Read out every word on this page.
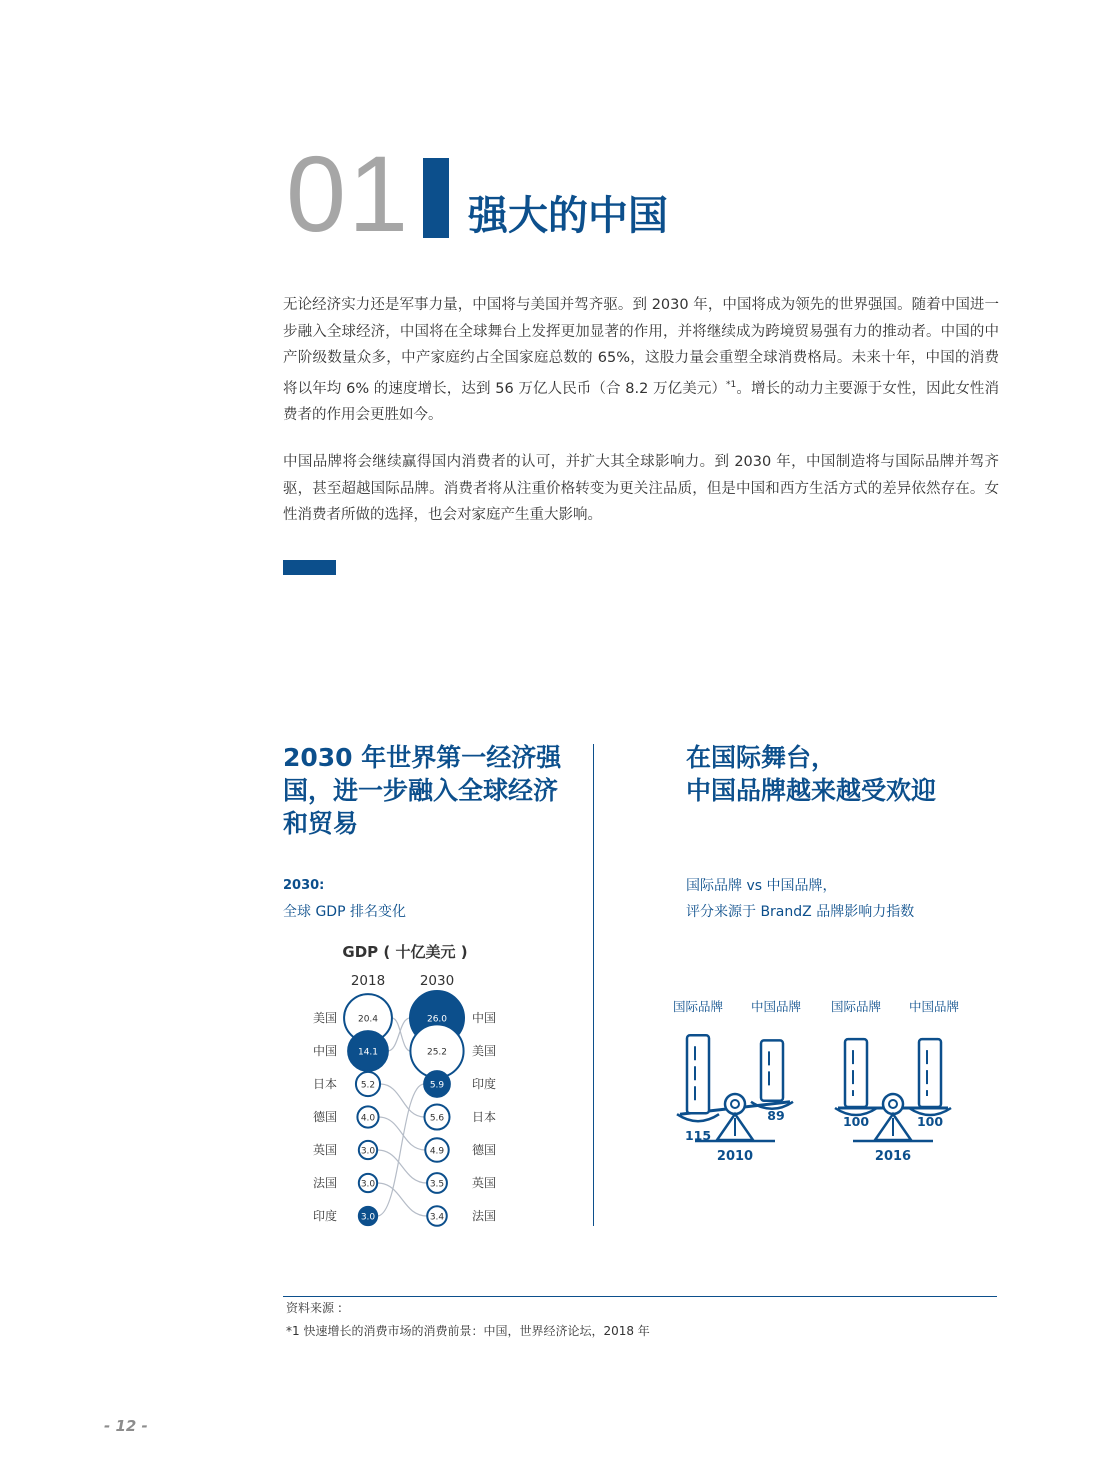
01 强大的中国
无论经济实力还是军事力量，中国将与美国并驾齐驱。到 2030 年，中国将成为领先的世界强国。随着中国进一步融入全球经济，中国将在全球舞台上发挥更加显著的作用，并将继续成为跨境贸易强有力的推动者。中国的中产阶级数量众多，中产家庭约占全国家庭总数的 65%，这股力量会重塑全球消费格局。未来十年，中国的消费将以年均 6% 的速度增长，达到 56 万亿人民币（合 8.2 万亿美元）$^{*1}$。增长的动力主要源于女性，因此女性消费者的作用会更胜如今。
中国品牌将会继续赢得国内消费者的认可，并扩大其全球影响力。到 2030 年，中国制造将与国际品牌并驾齐驱，甚至超越国际品牌。消费者将从注重价格转变为更关注品质，但是中国和西方生活方式的差异依然存在。女性消费者所做的选择，也会对家庭产生重大影响。
2030 年世界第一经济强国，进一步融入全球经济和贸易
2030:
全球 GDP 排名变化
GDP ( 十亿美元 )
2018	2030
20.4
美国
14.1
中国
5.2
日本
4.0
德国
3.0
英国
3.0
法国
3.0
印度
26.0 中国
25.2 美国
5.9 印度
5.6 日本
4.9 德国
3.5 英国
3.4 法国
在国际舞台，
中国品牌越来越受欢迎
国际品牌 vs 中国品牌，
评分来源于 BrandZ 品牌影响力指数
国际品牌 中国品牌
115
89
2010
国际品牌 中国品牌
100	100
2016
资料来源 :
*1 快速增长的消费市场的消费前景：中国，世界经济论坛，2018 年
- 12 -
